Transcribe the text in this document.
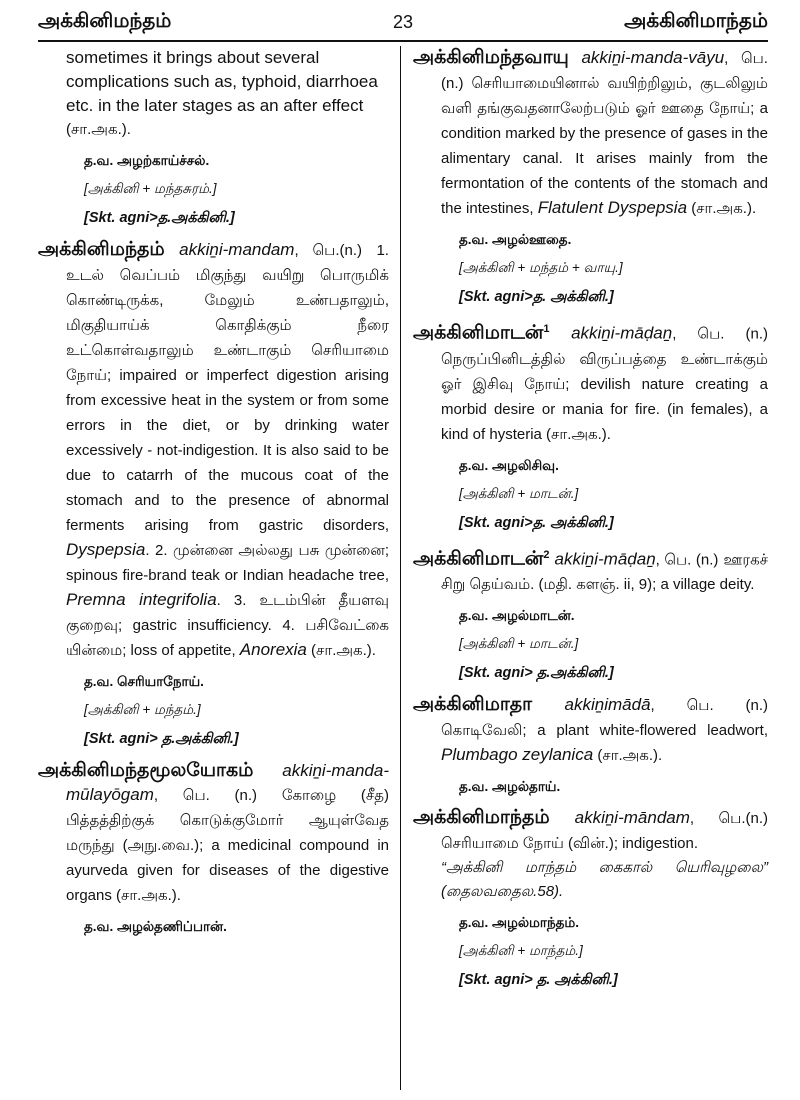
அக்கினிமந்தம்	23	அக்கினிமாந்தம்

sometimes it brings about several

complications such as, typhoid, diarrhoea

etc. in the later stages as an after effect

(சா.அக.).

த.வ. அழற்காய்ச்சல்.
[அக்கினி + மந்தசுரம்.]
[Skt. agni>த.அக்கினி.]

அக்கினிமந்தம் akkiṉi-mandam, பெ.(n.) 1. உடல் வெப்பம் மிகுந்து வயிறு பொருமிக் கொண்டிருக்க, மேலும் உண்பதாலும், மிகுதியாய்க் கொதிக்கும் நீரை உட்கொள்வதாலும் உண்டாகும் செரியாமை நோய்; impaired or imperfect digestion arising from excessive heat in the system or from some errors in the diet, or by drinking water excessively - not-indigestion. It is also said to be due to catarrh of the mucous coat of the stomach and to the presence of abnormal ferments arising from gastric disorders, Dyspepsia. 2. முன்னை அல்லது பசு முன்னை; spinous fire-brand teak or Indian headache tree, Premna integrifolia. 3. உடம்பின் தீயளவு குறைவு; gastric insufficiency. 4. பசிவேட்கை யின்மை; loss of appetite, Anorexia (சா.அக.).

த.வ. செரியாநோய்.
[அக்கினி + மந்தம்.]
[Skt. agni> த.அக்கினி.]

அக்கினிமந்தமூலயோகம் akkiṉi-manda-mūlayōgam, பெ. (n.) கோழை (சீத) பித்தத்திற்குக் கொடுக்குமோர் ஆயுள்வேத மருந்து (அநு.வை.); a medicinal compound in ayurveda given for diseases of the digestive organs (சா.அக.).

த.வ. அழல்தணிப்பான்.

அக்கினிமந்தவாயு akkiṉi-manda-vāyu, பெ.(n.) செரியாமையினால் வயிற்றிலும், குடலிலும் வளி தங்குவதனாலேற்படும் ஓர் ஊதை நோய்; a condition marked by the presence of gases in the alimentary canal. It arises mainly from the fermontation of the contents of the stomach and the intestines, Flatulent Dyspepsia (சா.அக.).

த.வ. அழல்ஊதை.
[அக்கினி + மந்தம் + வாயு.]
[Skt. agni>த. அக்கினி.]

அக்கினிமாடன்$^1$ akkiṉi-māḍaṉ, பெ. (n.) நெருப்பினிடத்தில் விருப்பத்தை உண்டாக்கும் ஓர் இசிவு நோய்; devilish nature creating a morbid desire or mania for fire. (in females), a kind of hysteria (சா.அக.).

த.வ. அழலிசிவு.
[அக்கினி + மாடன்.]
[Skt. agni>த. அக்கினி.]

அக்கினிமாடன்$^2$ akkiṉi-māḍaṉ, பெ. (n.) ஊரகச் சிறு தெய்வம். (மதி. களஞ். ii, 9); a village deity.

த.வ. அழல்மாடன்.
[அக்கினி + மாடன்.]
[Skt. agni> த.அக்கினி.]

அக்கினிமாதா akkiṉimādā, பெ. (n.) கொடிவேலி; a plant white-flowered leadwort, Plumbago zeylanica (சா.அக.).

த.வ. அழல்தாய்.

அக்கினிமாந்தம் akkiṉi-māndam, பெ.(n.) செரியாமை நோய் (வின்.); indigestion.

“அக்கினி மாந்தம் கைகால் யெரிவுழலை” (தைலவதைல.58).

த.வ. அழல்மாந்தம்.
[அக்கினி + மாந்தம்.]
[Skt. agni> த. அக்கினி.]
